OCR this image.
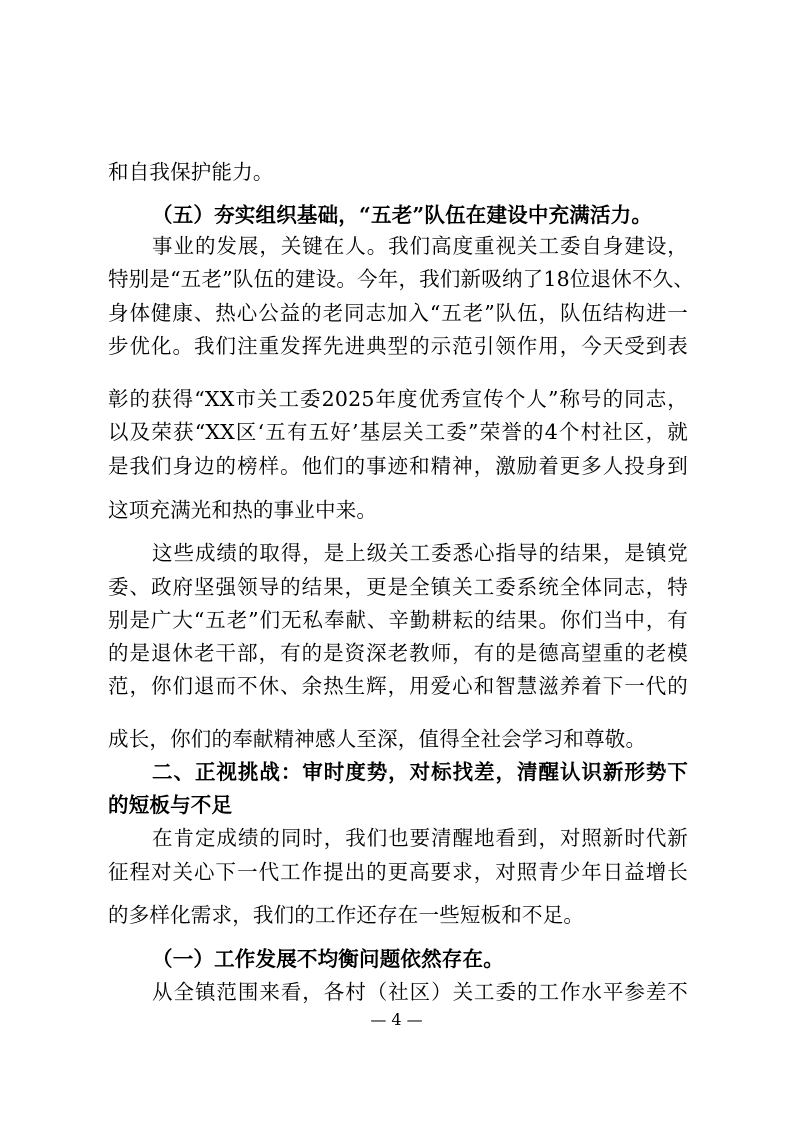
和自我保护能力。
（五）夯实组织基础，“五老”队伍在建设中充满活力。
事业的发展，关键在人。我们高度重视关工委自身建设，
特别是“五老”队伍的建设。今年，我们新吸纳了18位退休不久、
身体健康、热心公益的老同志加入“五老”队伍，队伍结构进一
步优化。我们注重发挥先进典型的示范引领作用，今天受到表
彰的获得“XX市关工委2025年度优秀宣传个人”称号的同志，
以及荣获“XX区‘五有五好’基层关工委”荣誉的4个村社区，就
是我们身边的榜样。他们的事迹和精神，激励着更多人投身到
这项充满光和热的事业中来。
这些成绩的取得，是上级关工委悉心指导的结果，是镇党
委、政府坚强领导的结果，更是全镇关工委系统全体同志，特
别是广大“五老”们无私奉献、辛勤耕耘的结果。你们当中，有
的是退休老干部，有的是资深老教师，有的是德高望重的老模
范，你们退而不休、余热生辉，用爱心和智慧滋养着下一代的
成长，你们的奉献精神感人至深，值得全社会学习和尊敬。
二、正视挑战：审时度势，对标找差，清醒认识新形势下
的短板与不足
在肯定成绩的同时，我们也要清醒地看到，对照新时代新
征程对关心下一代工作提出的更高要求，对照青少年日益增长
的多样化需求，我们的工作还存在一些短板和不足。
（一）工作发展不均衡问题依然存在。
从全镇范围来看，各村（社区）关工委的工作水平参差不
— 4 —
